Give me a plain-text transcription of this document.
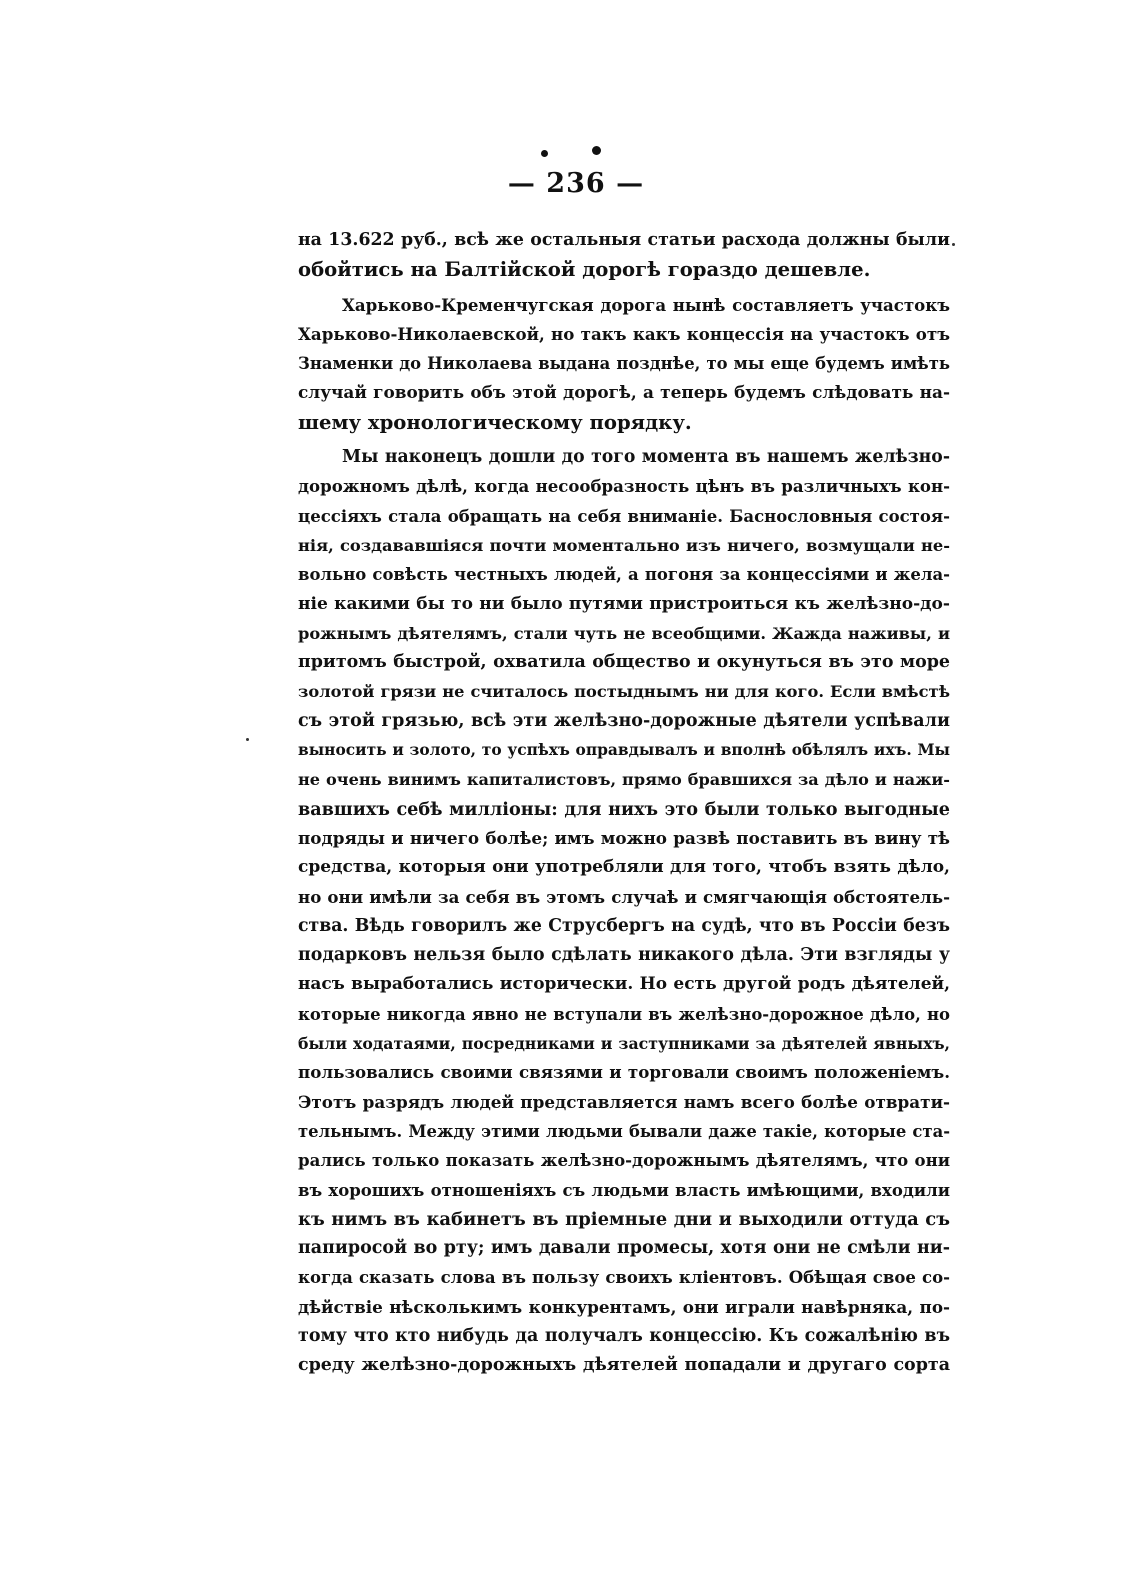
— 236 —

на 13.622 руб., всѣ же остальныя статьи расхода должны были
обойтись на Балтійской дорогѣ гораздо дешевле.

Харьково-Кременчугская дорога нынѣ составляетъ участокъ
Харьково-Николаевской, но такъ какъ концессія на участокъ отъ
Знаменки до Николаева выдана позднѣе, то мы еще будемъ имѣть
случай говорить объ этой дорогѣ, а теперь будемъ слѣдовать на-
шему хронологическому порядку.

Мы наконецъ дошли до того момента въ нашемъ желѣзно-
дорожномъ дѣлѣ, когда несообразность цѣнъ въ различныхъ кон-
цессіяхъ стала обращать на себя вниманіе. Баснословныя состоя-
нія, создававшіяся почти моментально изъ ничего, возмущали не-
вольно совѣсть честныхъ людей, а погоня за концессіями и жела-
ніе какими бы то ни было путями пристроиться къ желѣзно-до-
рожнымъ дѣятелямъ, стали чуть не всеобщими. Жажда наживы, и
притомъ быстрой, охватила общество и окунуться въ это море
золотой грязи не считалось постыднымъ ни для кого. Если вмѣстѣ
съ этой грязью, всѣ эти желѣзно-дорожные дѣятели успѣвали
выносить и золото, то успѣхъ оправдывалъ и вполнѣ обѣлялъ ихъ. Мы
не очень винимъ капиталистовъ, прямо бравшихся за дѣло и нажи-
вавшихъ себѣ милліоны: для нихъ это были только выгодные
подряды и ничего болѣе; имъ можно развѣ поставить въ вину тѣ
средства, которыя они употребляли для того, чтобъ взять дѣло,
но они имѣли за себя въ этомъ случаѣ и смягчающія обстоятель-
ства. Вѣдь говорилъ же Струсбергъ на судѣ, что въ Россіи безъ
подарковъ нельзя было сдѣлать никакого дѣла. Эти взгляды у
насъ выработались исторически. Но есть другой родъ дѣятелей,
которые никогда явно не вступали въ желѣзно-дорожное дѣло, но
были ходатаями, посредниками и заступниками за дѣятелей явныхъ,
пользовались своими связями и торговали своимъ положеніемъ.
Этотъ разрядъ людей представляется намъ всего болѣе отврати-
тельнымъ. Между этими людьми бывали даже такіе, которые ста-
рались только показать желѣзно-дорожнымъ дѣятелямъ, что они
въ хорошихъ отношеніяхъ съ людьми власть имѣющими, входили
къ нимъ въ кабинетъ въ пріемные дни и выходили оттуда съ
папиросой во рту; имъ давали промесы, хотя они не смѣли ни-
когда сказать слова въ пользу своихъ кліентовъ. Обѣщая свое со-
дѣйствіе нѣсколькимъ конкурентамъ, они играли навѣрняка, по-
тому что кто нибудь да получалъ концессію. Къ сожалѣнію въ
среду желѣзно-дорожныхъ дѣятелей попадали и другаго сорта
